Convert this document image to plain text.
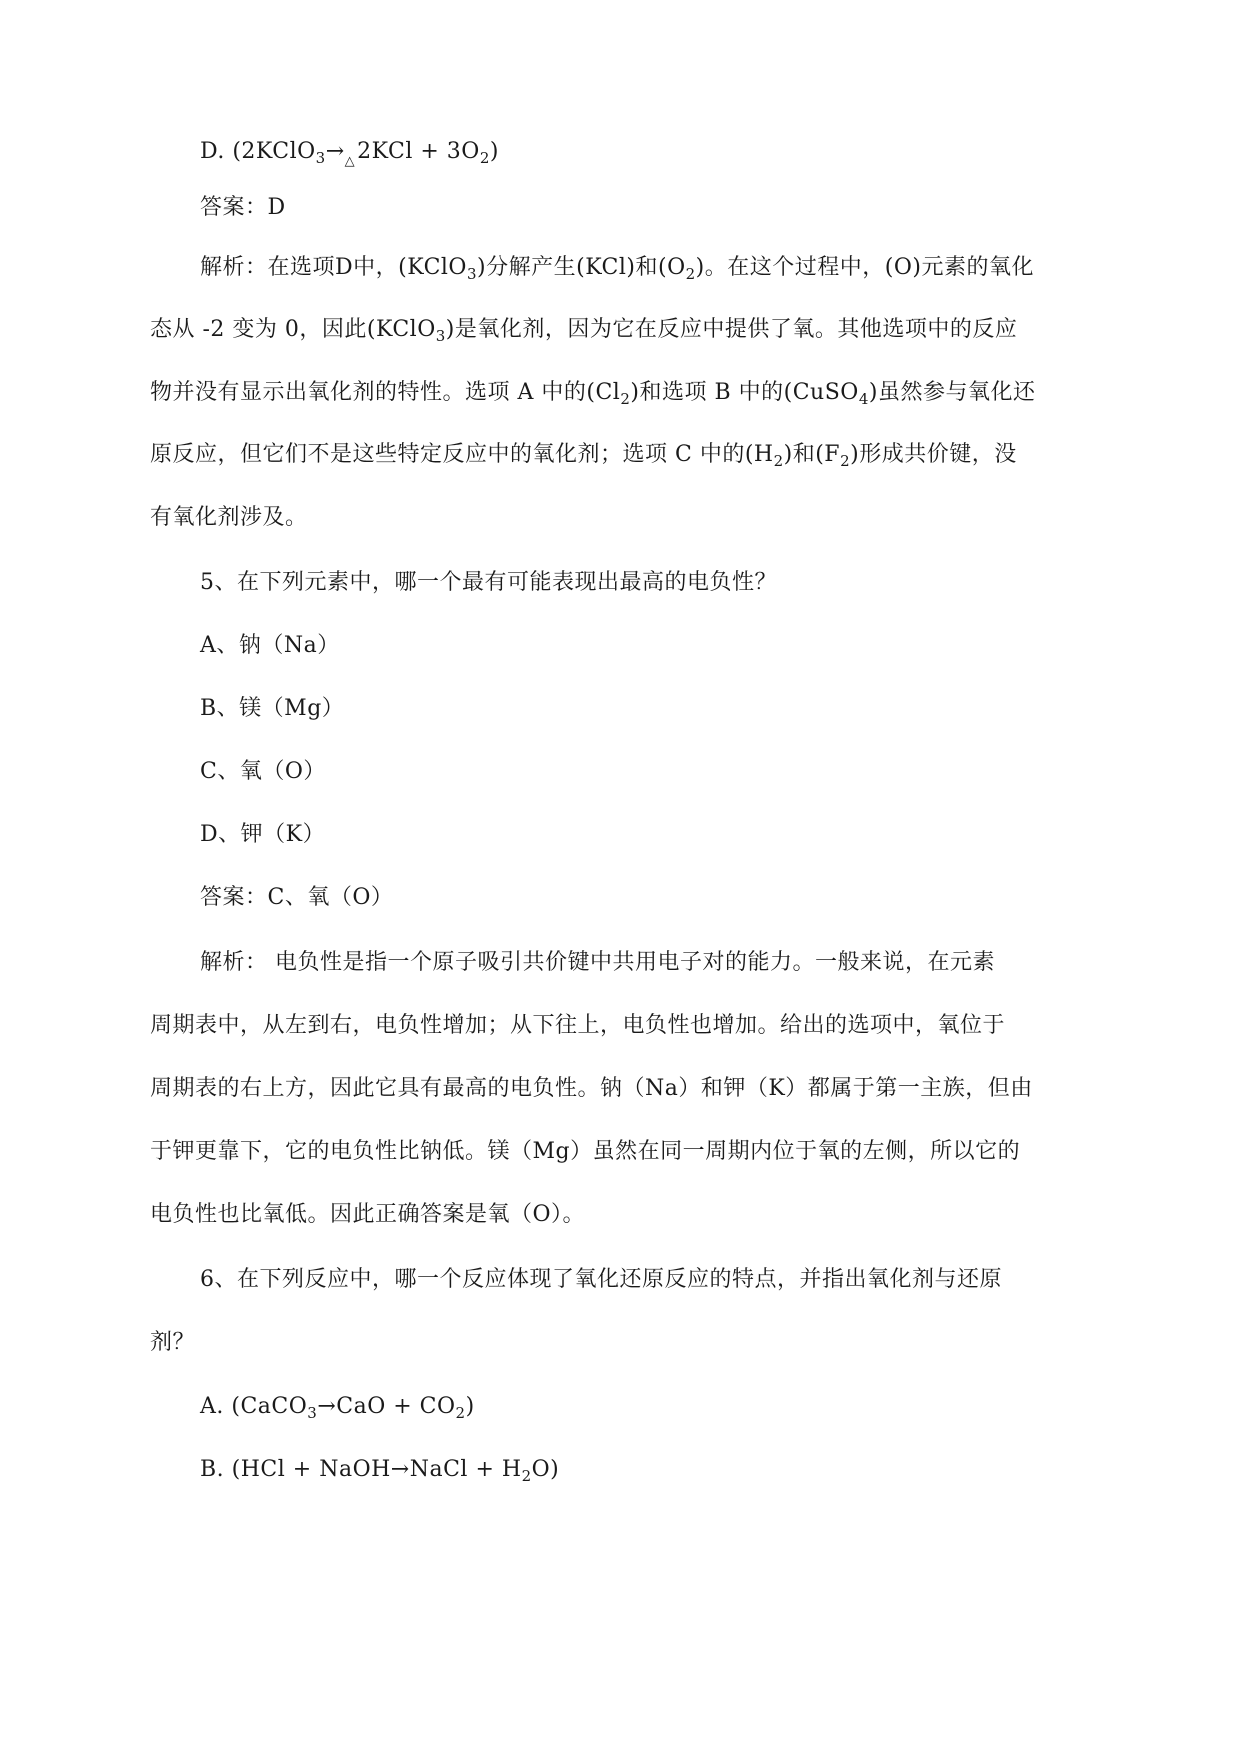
D. $(2KClO_3\to_\triangle 2KCl + 3O_2)$
答案：D
解析：在选项D中，(KClO$_3$)分解产生(KCl)和$(O_2)$。在这个过程中，(O)元素的氧化
态从 -2 变为 0，因此(KClO$_3$)是氧化剂，因为它在反应中提供了氧。其他选项中的反应
物并没有显示出氧化剂的特性。选项 A 中的$(Cl_2)$和选项 B 中的(CuSO$_4$)虽然参与氧化还
原反应，但它们不是这些特定反应中的氧化剂；选项 C 中的$(H_2)$和$(F_2)$形成共价键，没
有氧化剂涉及。
5、在下列元素中，哪一个最有可能表现出最高的电负性？
A、钠（Na）
B、镁（Mg）
C、氧（O）
D、钾（K）
答案：C、氧（O）
解析： 电负性是指一个原子吸引共价键中共用电子对的能力。一般来说，在元素
周期表中，从左到右，电负性增加；从下往上，电负性也增加。给出的选项中，氧位于
周期表的右上方，因此它具有最高的电负性。钠（Na）和钾（K）都属于第一主族，但由
于钾更靠下，它的电负性比钠低。镁（Mg）虽然在同一周期内位于氧的左侧，所以它的
电负性也比氧低。因此正确答案是氧（O）。
6、在下列反应中，哪一个反应体现了氧化还原反应的特点，并指出氧化剂与还原
剂？
A. (CaCO$_3$→CaO + $CO_2$)
B. (HCl + NaOH→NaCl + $H_2O$)
